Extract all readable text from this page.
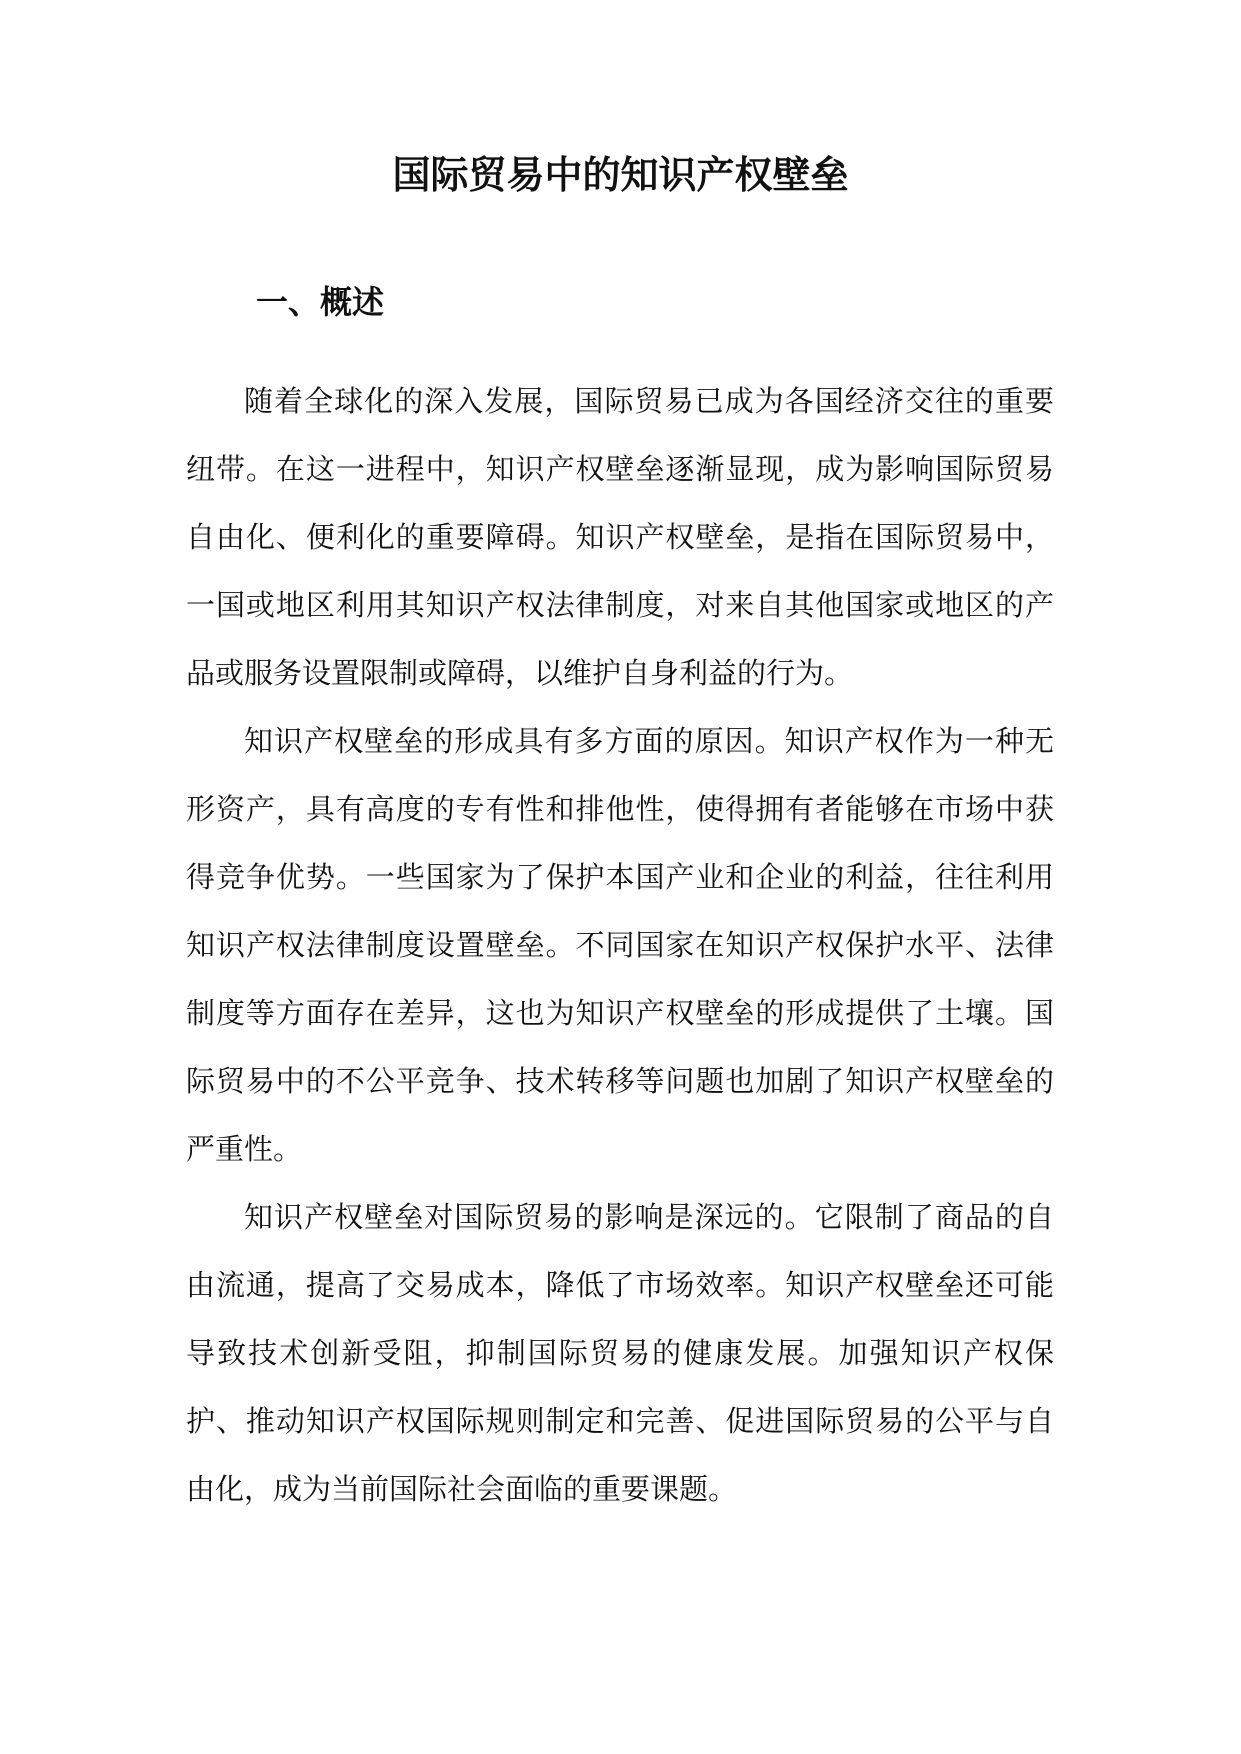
国际贸易中的知识产权壁垒
一、概述

随着全球化的深入发展，国际贸易已成为各国经济交往的重要纽带。在这一进程中，知识产权壁垒逐渐显现，成为影响国际贸易自由化、便利化的重要障碍。知识产权壁垒，是指在国际贸易中，一国或地区利用其知识产权法律制度，对来自其他国家或地区的产品或服务设置限制或障碍，以维护自身利益的行为。

知识产权壁垒的形成具有多方面的原因。知识产权作为一种无形资产，具有高度的专有性和排他性，使得拥有者能够在市场中获得竞争优势。一些国家为了保护本国产业和企业的利益，往往利用知识产权法律制度设置壁垒。不同国家在知识产权保护水平、法律制度等方面存在差异，这也为知识产权壁垒的形成提供了土壤。国际贸易中的不公平竞争、技术转移等问题也加剧了知识产权壁垒的严重性。

知识产权壁垒对国际贸易的影响是深远的。它限制了商品的自由流通，提高了交易成本，降低了市场效率。知识产权壁垒还可能导致技术创新受阻，抑制国际贸易的健康发展。加强知识产权保护、推动知识产权国际规则制定和完善、促进国际贸易的公平与自由化，成为当前国际社会面临的重要课题。
